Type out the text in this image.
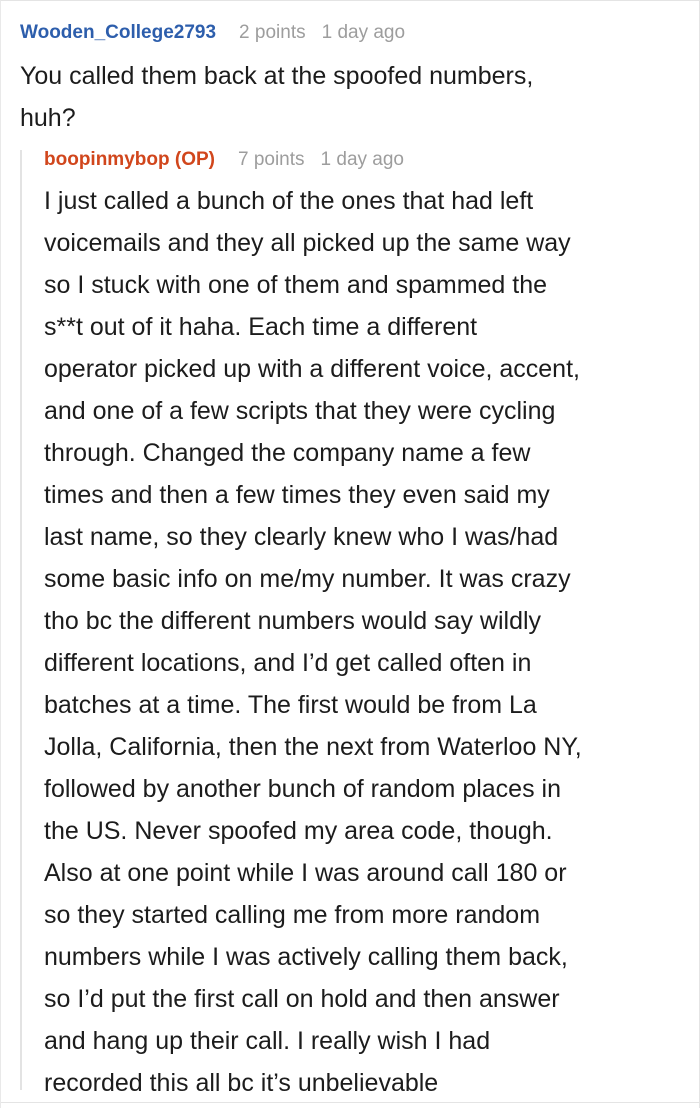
Wooden_College2793 2 points 1 day ago
You called them back at the spoofed numbers,
huh?
boopinmybop (OP) 7 points 1 day ago
I just called a bunch of the ones that had left
voicemails and they all picked up the same way
so I stuck with one of them and spammed the
s**t out of it haha. Each time a different
operator picked up with a different voice, accent,
and one of a few scripts that they were cycling
through. Changed the company name a few
times and then a few times they even said my
last name, so they clearly knew who I was/had
some basic info on me/my number. It was crazy
tho bc the different numbers would say wildly
different locations, and I’d get called often in
batches at a time. The first would be from La
Jolla, California, then the next from Waterloo NY,
followed by another bunch of random places in
the US. Never spoofed my area code, though.
Also at one point while I was around call 180 or
so they started calling me from more random
numbers while I was actively calling them back,
so I’d put the first call on hold and then answer
and hang up their call. I really wish I had
recorded this all bc it’s unbelievable
